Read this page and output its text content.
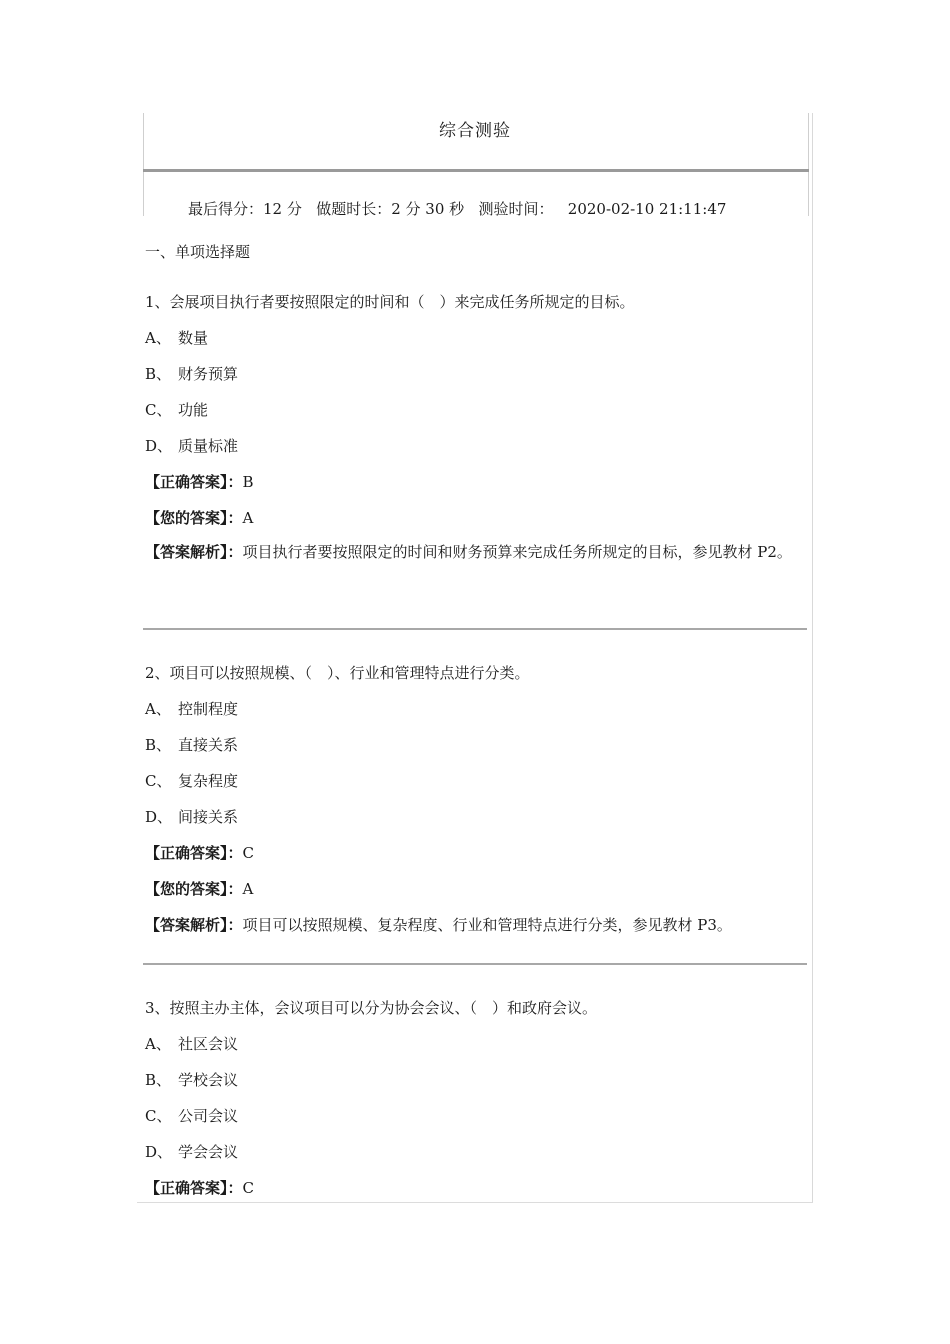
综合测验
最后得分：12 分 做题时长：2 分 30 秒 测验时间： 2020-02-10 21:11:47
一、单项选择题
1、会展项目执行者要按照限定的时间和（　）来完成任务所规定的目标。
A、 数量
B、 财务预算
C、 功能
D、 质量标准
【正确答案】：B
【您的答案】：A
【答案解析】：项目执行者要按照限定的时间和财务预算来完成任务所规定的目标，参见教材 P2。
2、项目可以按照规模、（　）、行业和管理特点进行分类。
A、 控制程度
B、 直接关系
C、 复杂程度
D、 间接关系
【正确答案】：C
【您的答案】：A
【答案解析】：项目可以按照规模、复杂程度、行业和管理特点进行分类，参见教材 P3。
3、按照主办主体，会议项目可以分为协会会议、（　）和政府会议。
A、 社区会议
B、 学校会议
C、 公司会议
D、 学会会议
【正确答案】：C
